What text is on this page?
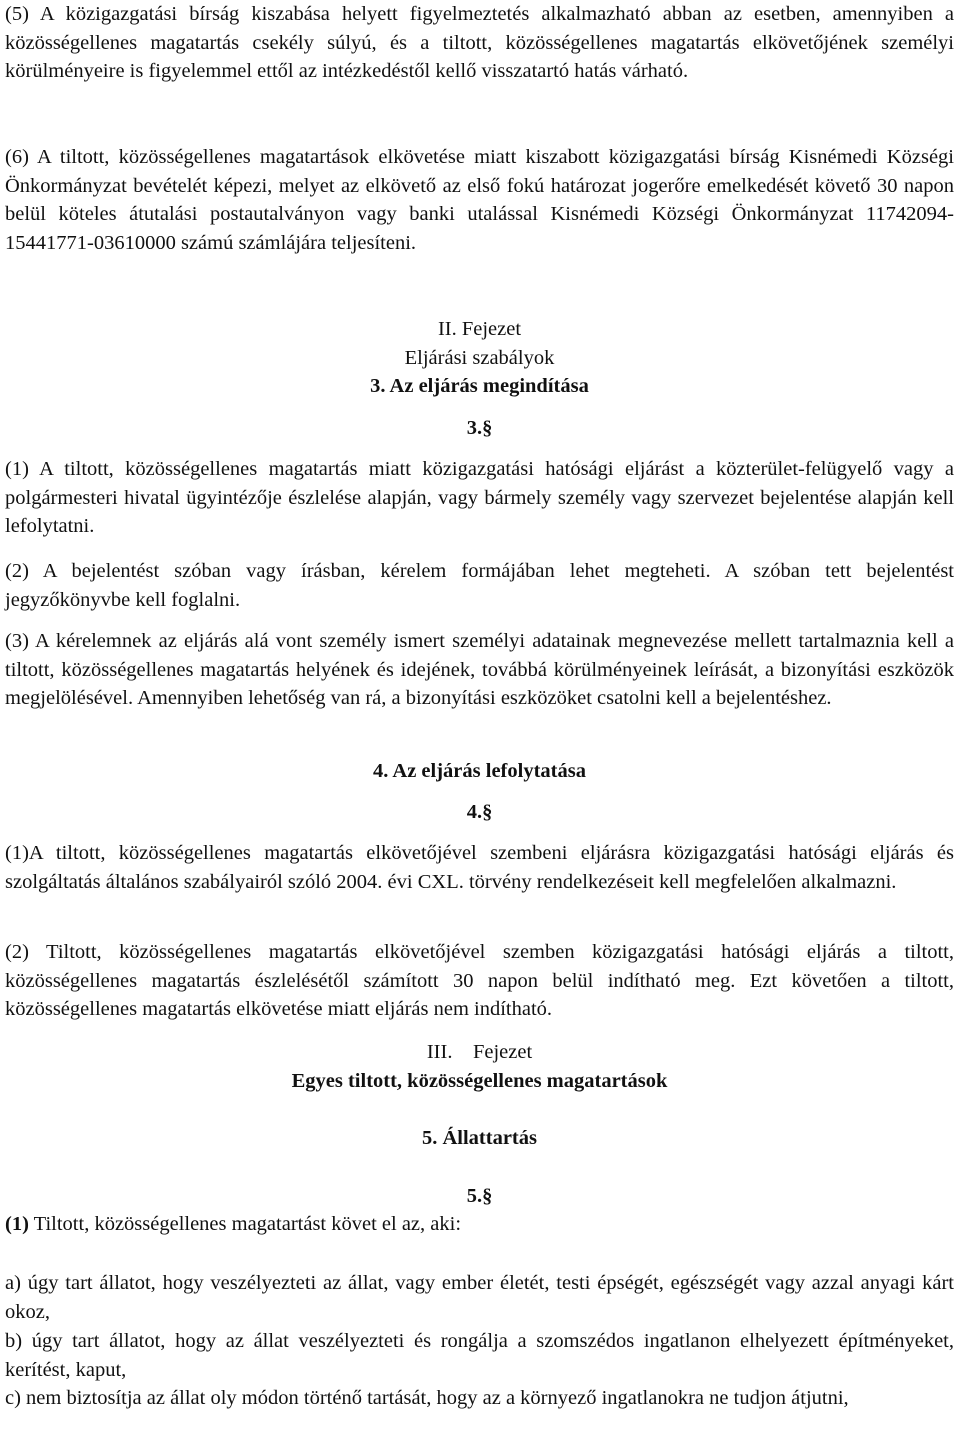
(5) A közigazgatási bírság kiszabása helyett figyelmeztetés alkalmazható abban az esetben, amennyiben a közösségellenes magatartás csekély súlyú, és a tiltott, közösségellenes magatartás elkövetőjének személyi körülményeire is figyelemmel ettől az intézkedéstől kellő visszatartó hatás várható.

(6) A tiltott, közösségellenes magatartások elkövetése miatt kiszabott közigazgatási bírság Kisnémedi Községi Önkormányzat bevételét képezi, melyet az elkövető az első fokú határozat jogerőre emelkedését követő 30 napon belül köteles átutalási postautalványon vagy banki utalással Kisnémedi Községi Önkormányzat 11742094-15441771-03610000 számú számlájára teljesíteni.

II. Fejezet

Eljárási szabályok

3. Az eljárás megindítása

3.§

(1) A tiltott, közösségellenes magatartás miatt közigazgatási hatósági eljárást a közterület-felügyelő vagy a polgármesteri hivatal ügyintézője észlelése alapján, vagy bármely személy vagy szervezet bejelentése alapján kell lefolytatni.

(2) A bejelentést szóban vagy írásban, kérelem formájában lehet megteheti. A szóban tett bejelentést jegyzőkönyvbe kell foglalni.

(3) A kérelemnek az eljárás alá vont személy ismert személyi adatainak megnevezése mellett tartalmaznia kell a tiltott, közösségellenes magatartás helyének és idejének, továbbá körülményeinek leírását, a bizonyítási eszközök megjelölésével. Amennyiben lehetőség van rá, a bizonyítási eszközöket csatolni kell a bejelentéshez.

4. Az eljárás lefolytatása

4.§

(1)A tiltott, közösségellenes magatartás elkövetőjével szembeni eljárásra közigazgatási hatósági eljárás és szolgáltatás általános szabályairól szóló 2004. évi CXL. törvény rendelkezéseit kell megfelelően alkalmazni.

(2) Tiltott, közösségellenes magatartás elkövetőjével szemben közigazgatási hatósági eljárás a tiltott, közösségellenes magatartás észlelésétől számított 30 napon belül indítható meg. Ezt követően a tiltott, közösségellenes magatartás elkövetése miatt eljárás nem indítható.

III. Fejezet

Egyes tiltott, közösségellenes magatartások

5. Állattartás

5.§

(1) Tiltott, közösségellenes magatartást követ el az, aki:

a) úgy tart állatot, hogy veszélyezteti az állat, vagy ember életét, testi épségét, egészségét vagy azzal anyagi kárt okoz,

b) úgy tart állatot, hogy az állat veszélyezteti és rongálja a szomszédos ingatlanon elhelyezett építményeket, kerítést, kaput,

c) nem biztosítja az állat oly módon történő tartását, hogy az a környező ingatlanokra ne tudjon átjutni,
